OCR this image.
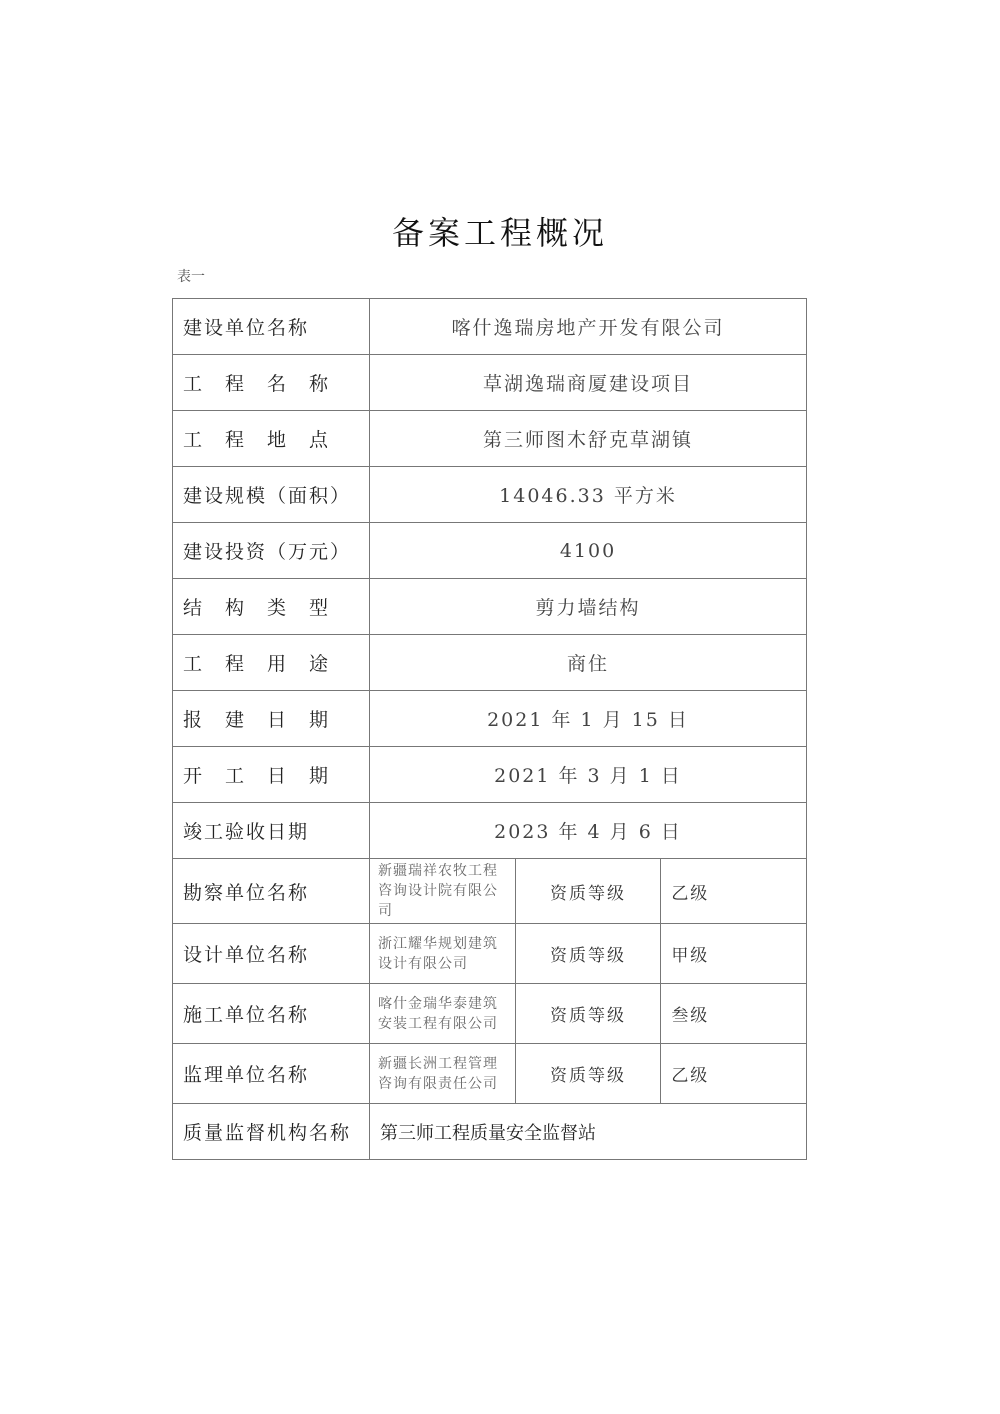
备案工程概况
表一
建设单位名称	喀什逸瑞房地产开发有限公司		
工　程　名　称	草湖逸瑞商厦建设项目		
工　程　地　点	第三师图木舒克草湖镇		
建设规模（面积）	14046.33 平方米		
建设投资（万元）	4100		
结　构　类　型	剪力墙结构		
工　程　用　途	商住		
报　建　日　期	2021 年 1 月 15 日		
开　工　日　期	2021 年 3 月 1 日		
竣工验收日期	2023 年 4 月 6 日		
勘察单位名称	新疆瑞祥农牧工程咨询设计院有限公司	资质等级	乙级
设计单位名称	浙江耀华规划建筑设计有限公司	资质等级	甲级
施工单位名称	喀什金瑞华泰建筑安装工程有限公司	资质等级	叁级
监理单位名称	新疆长洲工程管理咨询有限责任公司	资质等级	乙级
质量监督机构名称	第三师工程质量安全监督站		
